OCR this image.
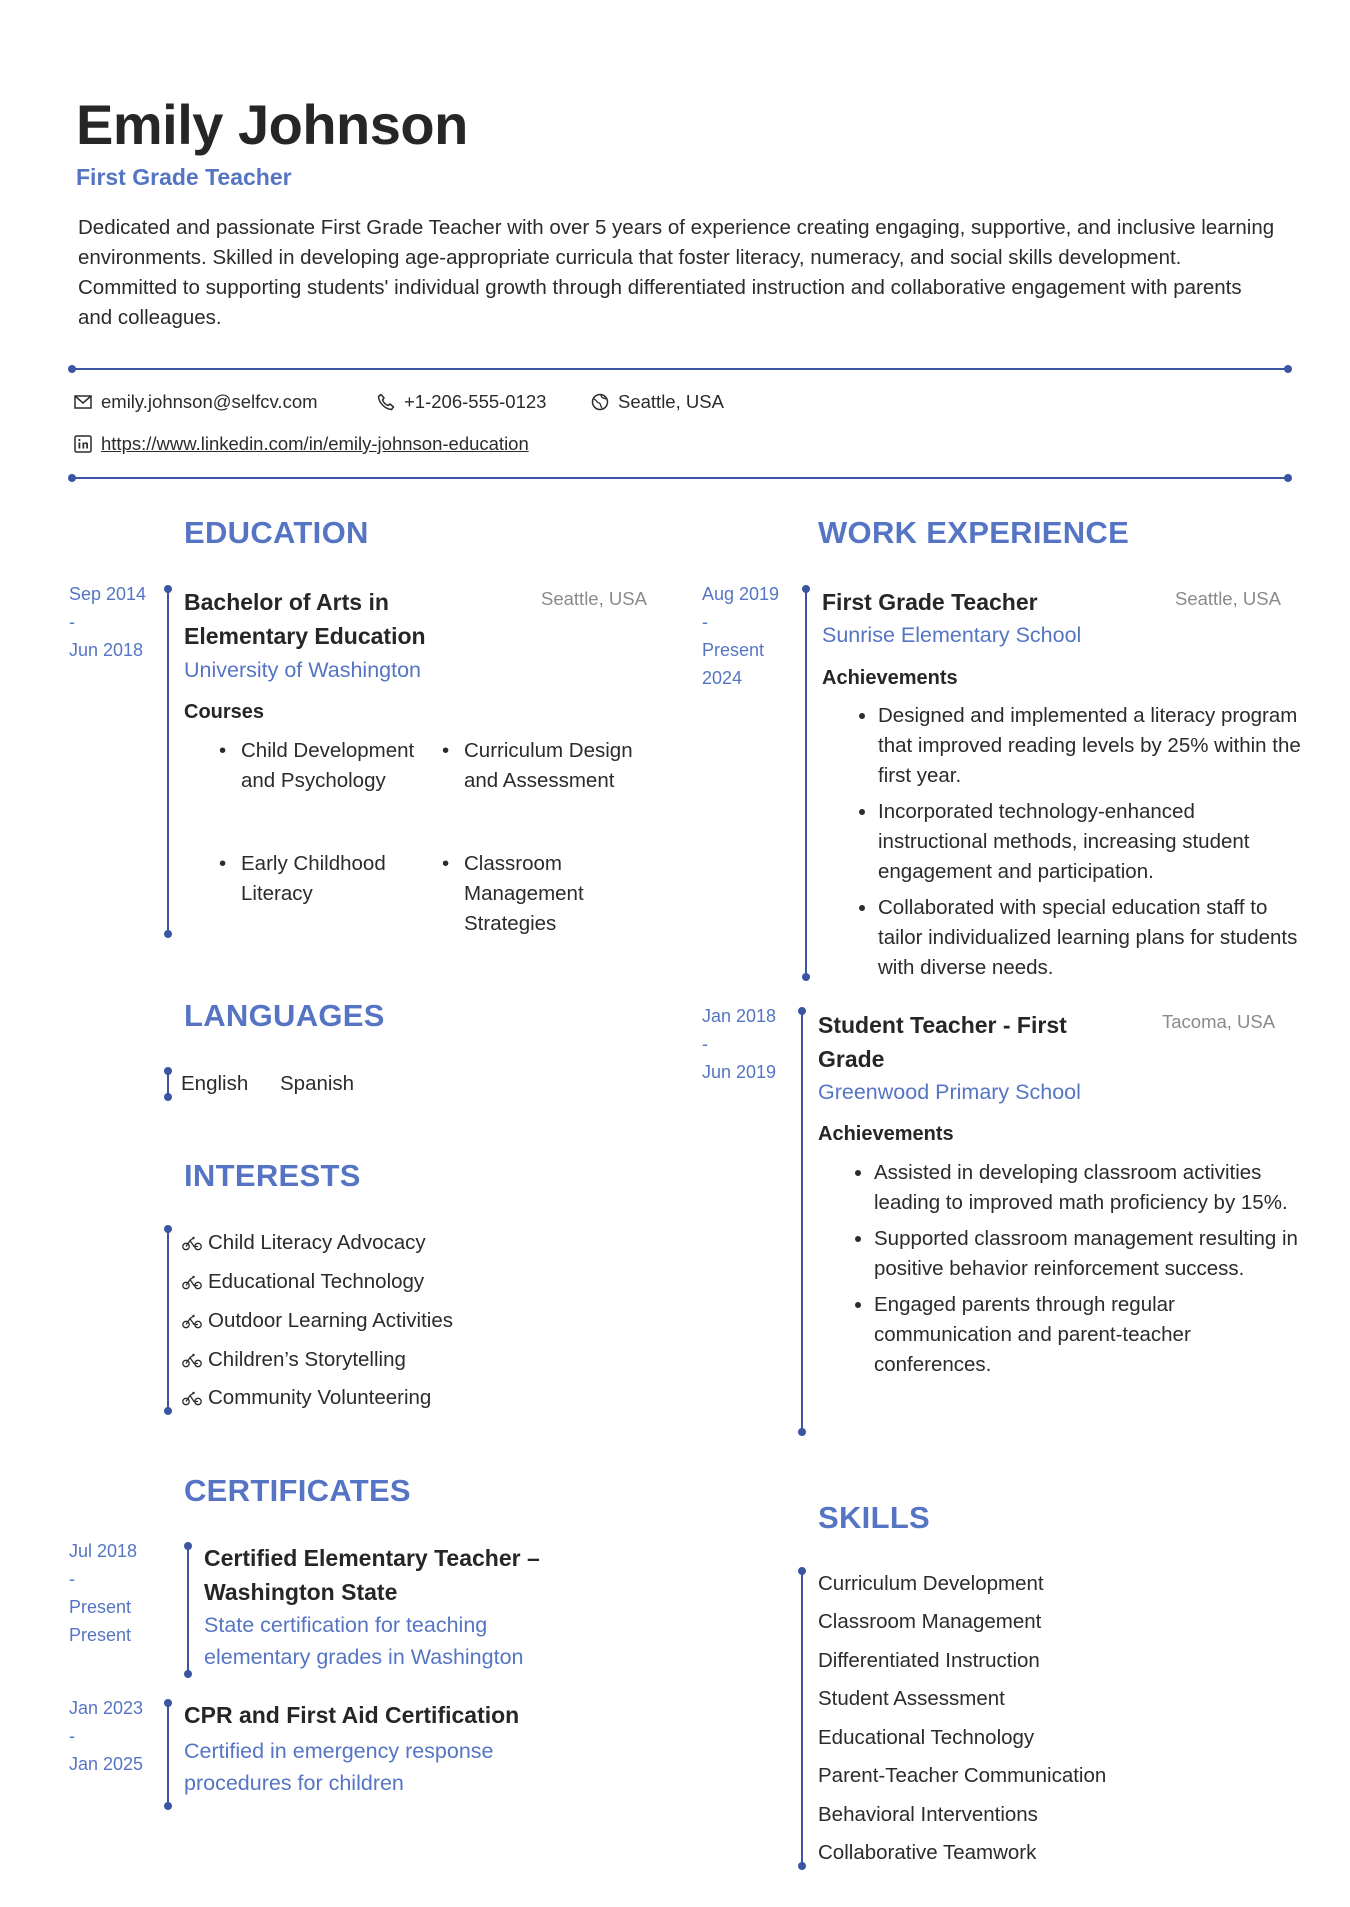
Emily Johnson
First Grade Teacher

Dedicated and passionate First Grade Teacher with over 5 years of experience creating engaging, supportive, and inclusive learning environments. Skilled in developing age-appropriate curricula that foster literacy, numeracy, and social skills development. Committed to supporting students' individual growth through differentiated instruction and collaborative engagement with parents and colleagues.

emily.johnson@selfcv.com	+1-206-555-0123	Seattle, USA
https://www.linkedin.com/in/emily-johnson-education
EDUCATION
Sep 2014
-
Jun 2018
Bachelor of Arts in
Elementary Education
Seattle, USA
University of Washington
Courses
• Child Development and Psychology
• Curriculum Design and Assessment
• Early Childhood Literacy
• Classroom Management Strategies
LANGUAGES
English Spanish
INTERESTS
Child Literacy Advocacy
Educational Technology
Outdoor Learning Activities
Children’s Storytelling
Community Volunteering
CERTIFICATES
Jul 2018
-
Present
Present
Certified Elementary Teacher –
Washington State
State certification for teaching
elementary grades in Washington
Jan 2023
-
Jan 2025
CPR and First Aid Certification
Certified in emergency response
procedures for children
WORK EXPERIENCE
Aug 2019
-
Present
2024
First Grade Teacher	Seattle, USA
Sunrise Elementary School
Achievements
• Designed and implemented a literacy program that improved reading levels by 25% within the first year.
• Incorporated technology-enhanced instructional methods, increasing student engagement and participation.
• Collaborated with special education staff to tailor individualized learning plans for students with diverse needs.
Jan 2018
-
Jun 2019
Student Teacher - First
Grade
Tacoma, USA
Greenwood Primary School
Achievements
• Assisted in developing classroom activities leading to improved math proficiency by 15%.
• Supported classroom management resulting in positive behavior reinforcement success.
• Engaged parents through regular communication and parent-teacher conferences.
SKILLS
Curriculum Development
Classroom Management
Differentiated Instruction
Student Assessment
Educational Technology
Parent-Teacher Communication
Behavioral Interventions
Collaborative Teamwork
